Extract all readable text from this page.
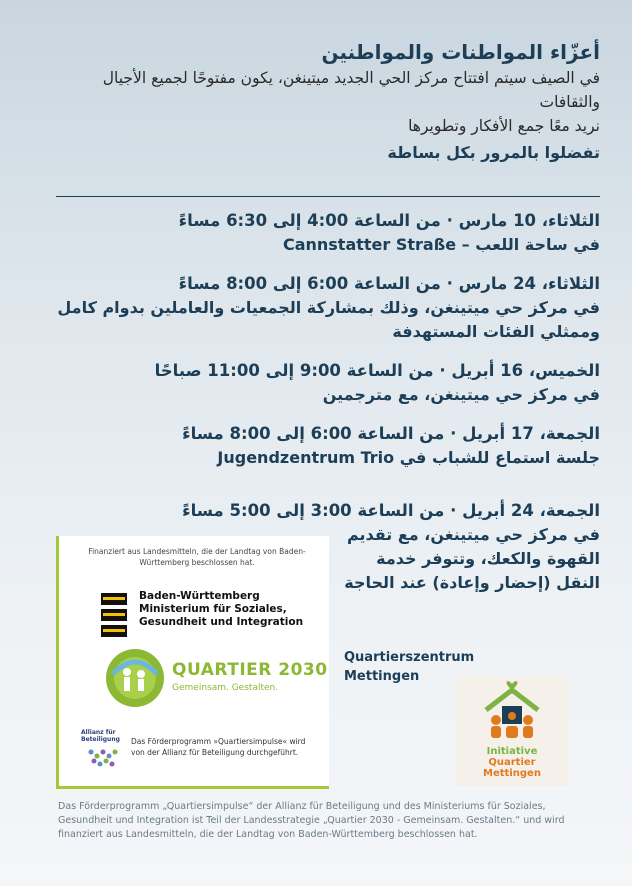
أعزّاء المواطنات والمواطنين
في الصيف سيتم افتتاح مركز الحي الجديد ميتينغن، يكون مفتوحًا لجميع الأجيال والثقافات
نريد معًا جمع الأفكار وتطويرها
تفضلوا بالمرور بكل بساطة
الثلاثاء، 10 مارس · من الساعة 4:00 إلى 6:30 مساءً
في ساحة اللعب – Cannstatter Straße
الثلاثاء، 24 مارس · من الساعة 6:00 إلى 8:00 مساءً
في مركز حي ميتينغن، وذلك بمشاركة الجمعيات والعاملين بدوام كامل وممثلي الفئات المستهدفة
الخميس، 16 أبريل · من الساعة 9:00 إلى 11:00 صباحًا
في مركز حي ميتينغن، مع مترجمين
الجمعة، 17 أبريل · من الساعة 6:00 إلى 8:00 مساءً
جلسة استماع للشباب في Jugendzentrum Trio
الجمعة، 24 أبريل · من الساعة 3:00 إلى 5:00 مساءً
في مركز حي ميتينغن، مع تقديم القهوة والكعك، وتتوفر خدمة النقل (إحضار وإعادة) عند الحاجة
Finanziert aus Landesmitteln, die der Landtag von Baden-Württemberg beschlossen hat.
Baden-Württemberg
Ministerium für Soziales,
Gesundheit und Integration
QUARTIER 2030
Gemeinsam. Gestalten.
Allianz für
Beteiligung Das Förderprogramm »Quartiersimpulse« wird von der Allianz für Beteiligung durchgeführt.
Quartierszentrum
Mettingen
Initiative
Quartier
Mettingen
Das Förderprogramm „Quartiersimpulse“ der Allianz für Beteiligung und des Ministeriums für Soziales, Gesundheit und Integration ist Teil der Landesstrategie „Quartier 2030 - Gemeinsam. Gestalten.“ und wird finanziert aus Landesmitteln, die der Landtag von Baden-Württemberg beschlossen hat.
